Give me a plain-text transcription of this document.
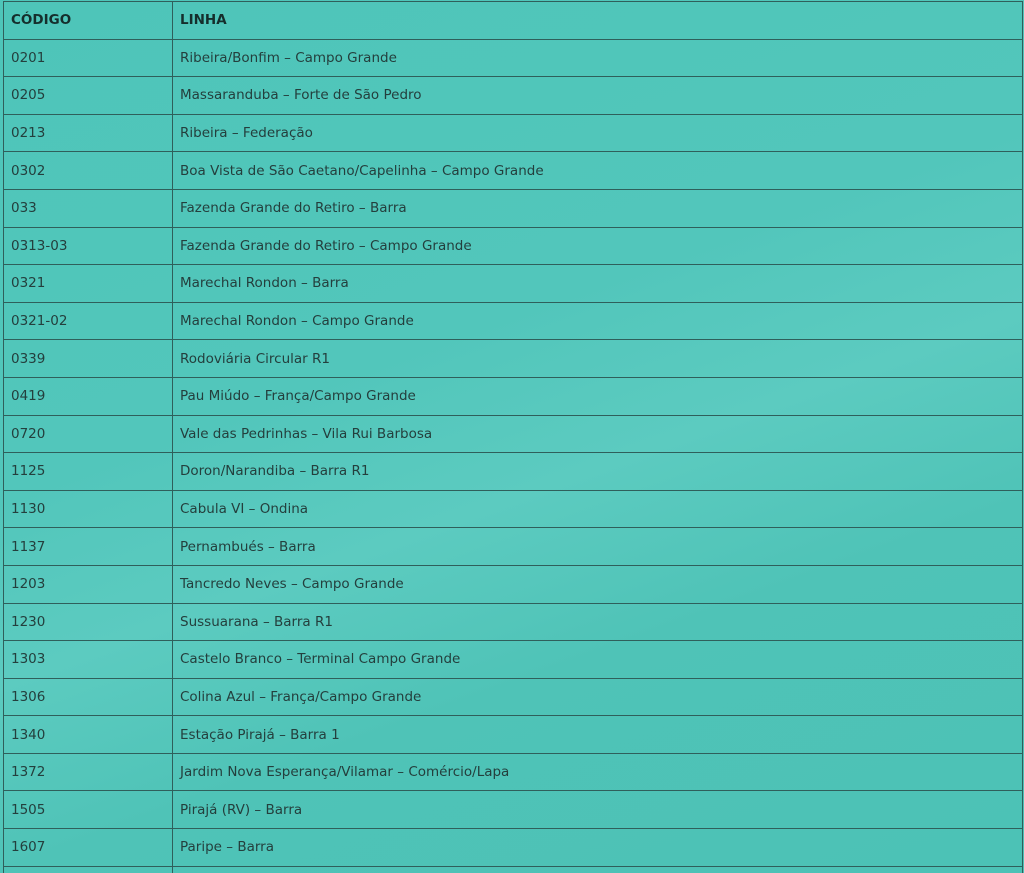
CÓDIGO	LINHA
0201	Ribeira/Bonfim – Campo Grande
0205	Massaranduba – Forte de São Pedro
0213	Ribeira – Federação
0302	Boa Vista de São Caetano/Capelinha – Campo Grande
033	Fazenda Grande do Retiro – Barra
0313-03	Fazenda Grande do Retiro – Campo Grande
0321	Marechal Rondon – Barra
0321-02	Marechal Rondon – Campo Grande
0339	Rodoviária Circular R1
0419	Pau Miúdo – França/Campo Grande
0720	Vale das Pedrinhas – Vila Rui Barbosa
1125	Doron/Narandiba – Barra R1
1130	Cabula VI – Ondina
1137	Pernambués – Barra
1203	Tancredo Neves – Campo Grande
1230	Sussuarana – Barra R1
1303	Castelo Branco – Terminal Campo Grande
1306	Colina Azul – França/Campo Grande
1340	Estação Pirajá – Barra 1
1372	Jardim Nova Esperança/Vilamar – Comércio/Lapa
1505	Pirajá (RV) – Barra
1607	Paripe – Barra
